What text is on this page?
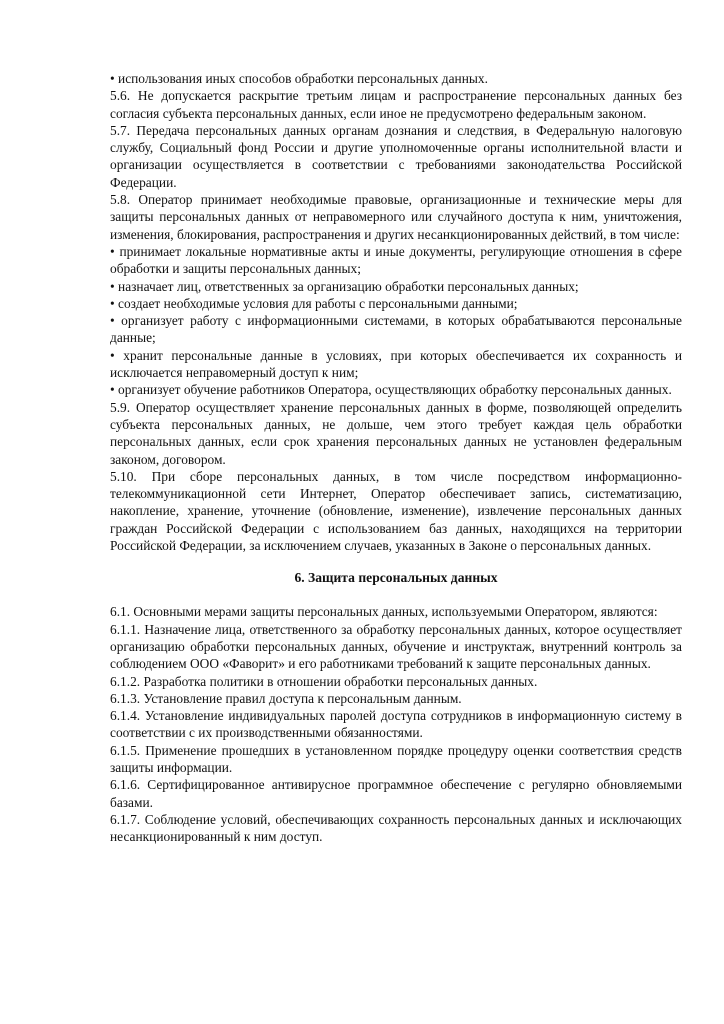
• использования иных способов обработки персональных данных.

5.6. Не допускается раскрытие третьим лицам и распространение персональных данных без согласия субъекта персональных данных, если иное не предусмотрено федеральным законом.

5.7. Передача персональных данных органам дознания и следствия, в Федеральную налоговую службу, Социальный фонд России и другие уполномоченные органы исполнительной власти и организации осуществляется в соответствии с требованиями законодательства Российской Федерации.

5.8. Оператор принимает необходимые правовые, организационные и технические меры для защиты персональных данных от неправомерного или случайного доступа к ним, уничтожения, изменения, блокирования, распространения и других несанкционированных действий, в том числе:

• принимает локальные нормативные акты и иные документы, регулирующие отношения в сфере обработки и защиты персональных данных;

• назначает лиц, ответственных за организацию обработки персональных данных;

• создает необходимые условия для работы с персональными данными;

• организует работу с информационными системами, в которых обрабатываются персональные данные;

• хранит персональные данные в условиях, при которых обеспечивается их сохранность и исключается неправомерный доступ к ним;

• организует обучение работников Оператора, осуществляющих обработку персональных данных.

5.9. Оператор осуществляет хранение персональных данных в форме, позволяющей определить субъекта персональных данных, не дольше, чем этого требует каждая цель обработки персональных данных, если срок хранения персональных данных не установлен федеральным законом, договором.

5.10. При сборе персональных данных, в том числе посредством информационно-телекоммуникационной сети Интернет, Оператор обеспечивает запись, систематизацию, накопление, хранение, уточнение (обновление, изменение), извлечение персональных данных граждан Российской Федерации с использованием баз данных, находящихся на территории Российской Федерации, за исключением случаев, указанных в Законе о персональных данных.

6. Защита персональных данных

6.1. Основными мерами защиты персональных данных, используемыми Оператором, являются:

6.1.1. Назначение лица, ответственного за обработку персональных данных, которое осуществляет организацию обработки персональных данных, обучение и инструктаж, внутренний контроль за соблюдением ООО «Фаворит» и его работниками требований к защите персональных данных.

6.1.2. Разработка политики в отношении обработки персональных данных.

6.1.3. Установление правил доступа к персональным данным.

6.1.4. Установление индивидуальных паролей доступа сотрудников в информационную систему в соответствии с их производственными обязанностями.

6.1.5. Применение прошедших в установленном порядке процедуру оценки соответствия средств защиты информации.

6.1.6. Сертифицированное антивирусное программное обеспечение с регулярно обновляемыми базами.

6.1.7. Соблюдение условий, обеспечивающих сохранность персональных данных и исключающих несанкционированный к ним доступ.
